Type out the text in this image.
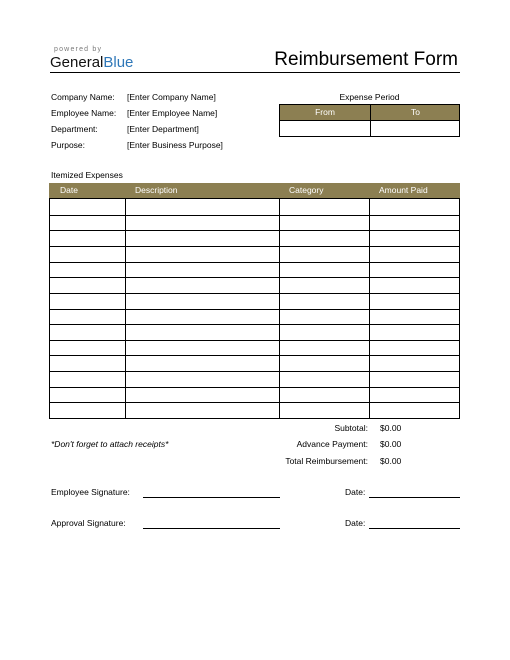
powered by
GeneralBlue	Reimbursement Form
Company Name: [Enter Company Name]
Employee Name: [Enter Employee Name]
Department:	[Enter Department]
Purpose:	[Enter Business Purpose]
Expense Period
From	To
Itemized Expenses
Date	Description	Category	Amount Paid
Subtotal: $0.00
*Don't forget to attach receipts*	Advance Payment: $0.00
Total Reimbursement: $0.00
Employee Signature:	Date:
Approval Signature:	Date:
